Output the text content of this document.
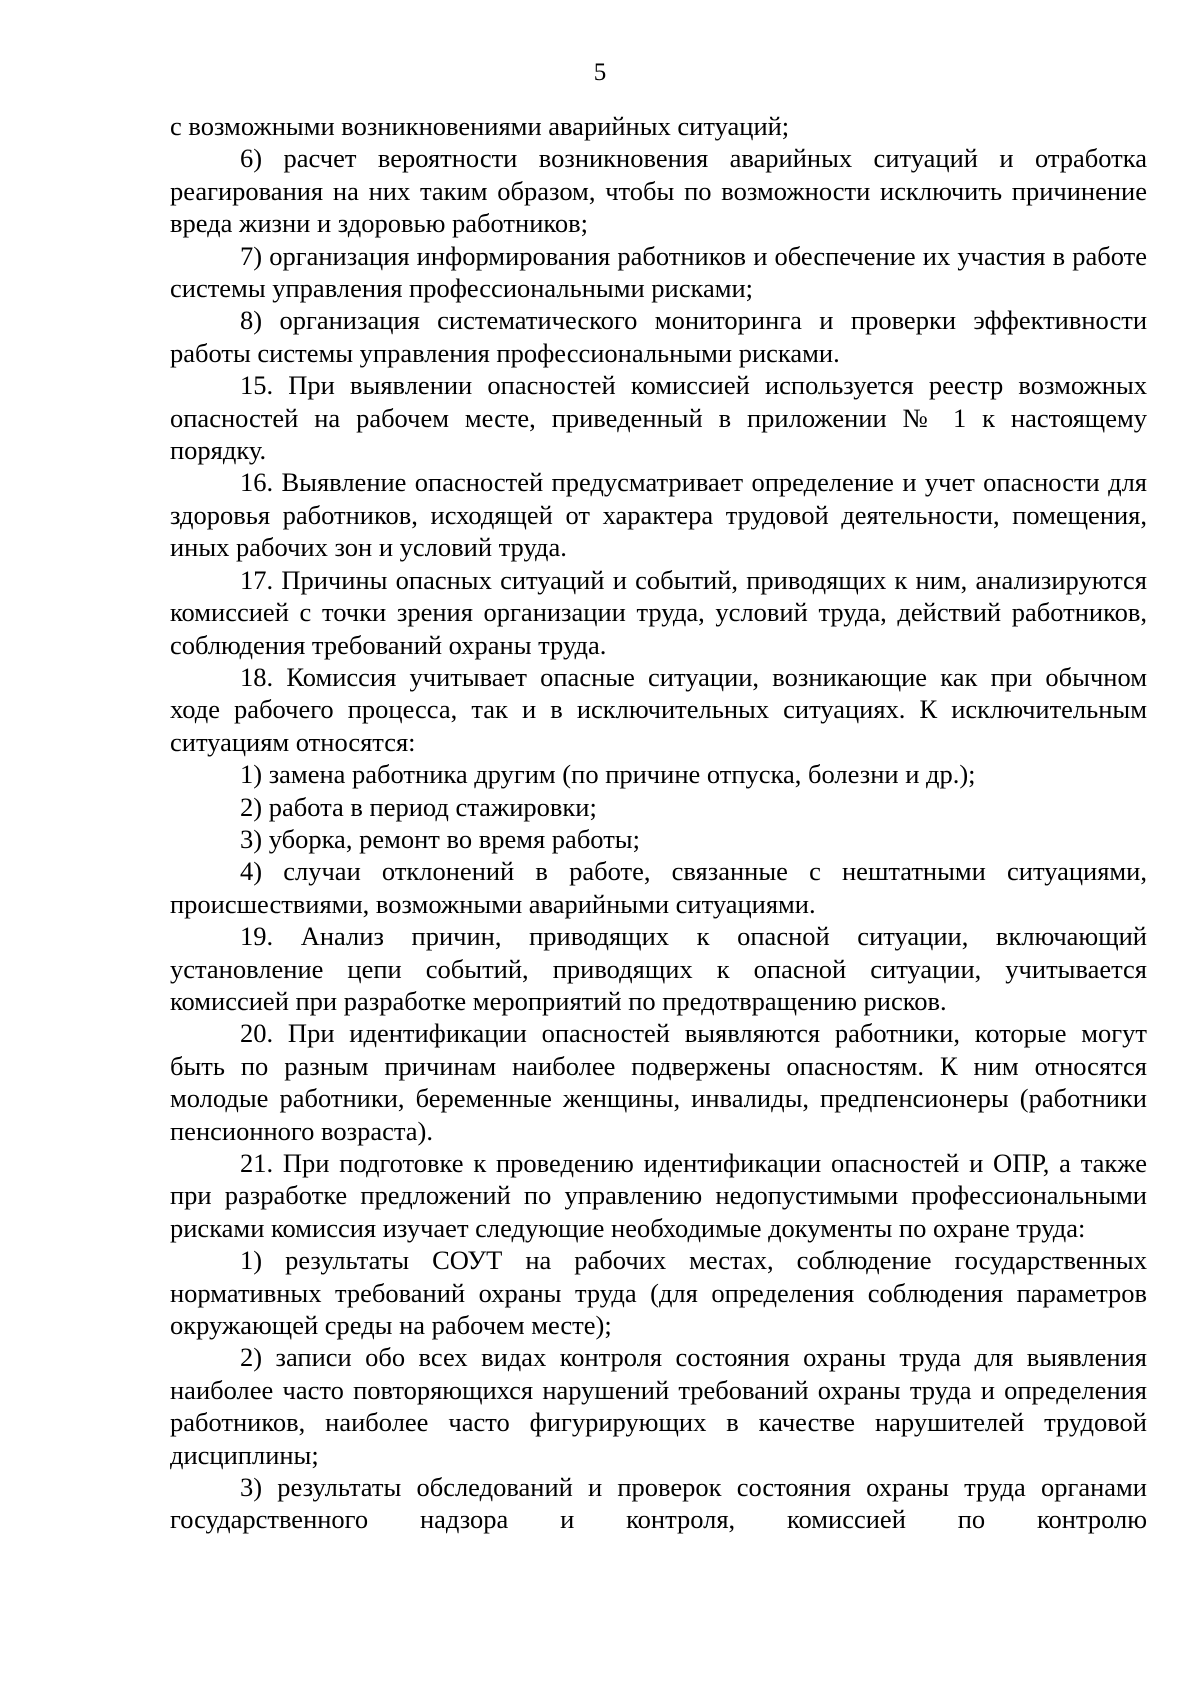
5

с возможными возникновениями аварийных ситуаций;

6) расчет вероятности возникновения аварийных ситуаций и отработка реагирования на них таким образом, чтобы по возможности исключить причинение вреда жизни и здоровью работников;

7) организация информирования работников и обеспечение их участия в работе системы управления профессиональными рисками;

8) организация систематического мониторинга и проверки эффективности работы системы управления профессиональными рисками.

15. При выявлении опасностей комиссией используется реестр возможных опасностей на рабочем месте, приведенный в приложении № 1 к настоящему порядку.

16. Выявление опасностей предусматривает определение и учет опасности для здоровья работников, исходящей от характера трудовой деятельности, помещения, иных рабочих зон и условий труда.

17. Причины опасных ситуаций и событий, приводящих к ним, анализируются комиссией с точки зрения организации труда, условий труда, действий работников, соблюдения требований охраны труда.

18. Комиссия учитывает опасные ситуации, возникающие как при обычном ходе рабочего процесса, так и в исключительных ситуациях. К исключительным ситуациям относятся:

1) замена работника другим (по причине отпуска, болезни и др.);

2) работа в период стажировки;

3) уборка, ремонт во время работы;

4) случаи отклонений в работе, связанные с нештатными ситуациями, происшествиями, возможными аварийными ситуациями.

19. Анализ причин, приводящих к опасной ситуации, включающий установление цепи событий, приводящих к опасной ситуации, учитывается комиссией при разработке мероприятий по предотвращению рисков.

20. При идентификации опасностей выявляются работники, которые могут быть по разным причинам наиболее подвержены опасностям. К ним относятся молодые работники, беременные женщины, инвалиды, предпенсионеры (работники пенсионного возраста).

21. При подготовке к проведению идентификации опасностей и ОПР, а также при разработке предложений по управлению недопустимыми профессиональными рисками комиссия изучает следующие необходимые документы по охране труда:

1) результаты СОУТ на рабочих местах, соблюдение государственных нормативных требований охраны труда (для определения соблюдения параметров окружающей среды на рабочем месте);

2) записи обо всех видах контроля состояния охраны труда для выявления наиболее часто повторяющихся нарушений требований охраны труда и определения работников, наиболее часто фигурирующих в качестве нарушителей трудовой дисциплины;

3) результаты обследований и проверок состояния охраны труда органами государственного надзора и контроля, комиссией по контролю
